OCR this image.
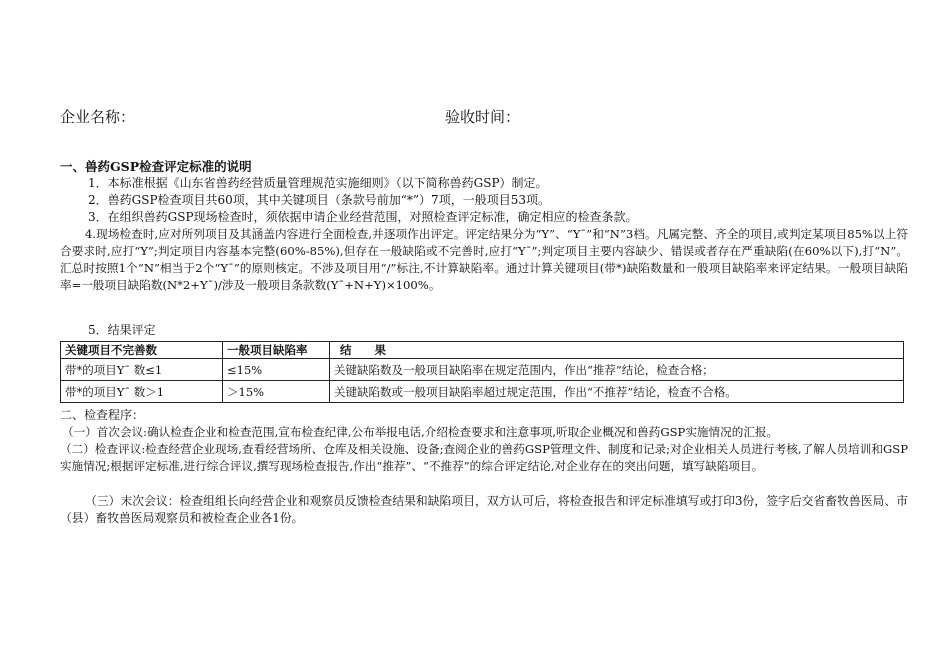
企业名称：	验收时间：
一、兽药GSP检查评定标准的说明
1．本标准根据《山东省兽药经营质量管理规范实施细则》（以下简称兽药GSP）制定。
2．兽药GSP检查项目共60项，其中关键项目（条款号前加“*”）7项，一般项目53项。
3．在组织兽药GSP现场检查时，须依据申请企业经营范围，对照检查评定标准，确定相应的检查条款。
4.现场检查时,应对所列项目及其涵盖内容进行全面检查,并逐项作出评定。评定结果分为“Y”、“Y¯”和“N”3档。凡属完整、齐全的项目,或判定某项目85%以上符合要求时,应打“Y”;判定项目内容基本完整(60%-85%),但存在一般缺陷或不完善时,应打“Y¯”;判定项目主要内容缺少、错误或者存在严重缺陷(在60%以下),打“N”。汇总时按照1个“N”相当于2个“Y¯”的原则核定。不涉及项目用“/”标注,不计算缺陷率。通过计算关键项目(带*)缺陷数量和一般项目缺陷率来评定结果。一般项目缺陷率=一般项目缺陷数(N*2+Y¯)/涉及一般项目条款数(Y¯+N+Y)×100%。
5．结果评定
关键项目不完善数	一般项目缺陷率	结　　果
带*的项目Y¯ 数≤1	≤15%	关键缺陷数及一般项目缺陷率在规定范围内，作出“推荐”结论，检查合格；
带*的项目Y¯ 数＞1	＞15%	关键缺陷数或一般项目缺陷率超过规定范围，作出“不推荐”结论，检查不合格。
二、检查程序：
（一）首次会议:确认检查企业和检查范围,宣布检查纪律,公布举报电话,介绍检查要求和注意事项,听取企业概况和兽药GSP实施情况的汇报。
（二）检查评议:检查经营企业现场,查看经营场所、仓库及相关设施、设备;查阅企业的兽药GSP管理文件、制度和记录;对企业相关人员进行考核,了解人员培训和GSP实施情况;根据评定标准,进行综合评议,撰写现场检查报告,作出“推荐”、“不推荐”的综合评定结论,对企业存在的突出问题，填写缺陷项目。
（三）末次会议：检查组组长向经营企业和观察员反馈检查结果和缺陷项目，双方认可后，将检查报告和评定标准填写或打印3份，签字后交省畜牧兽医局、市（县）畜牧兽医局观察员和被检查企业各1份。
